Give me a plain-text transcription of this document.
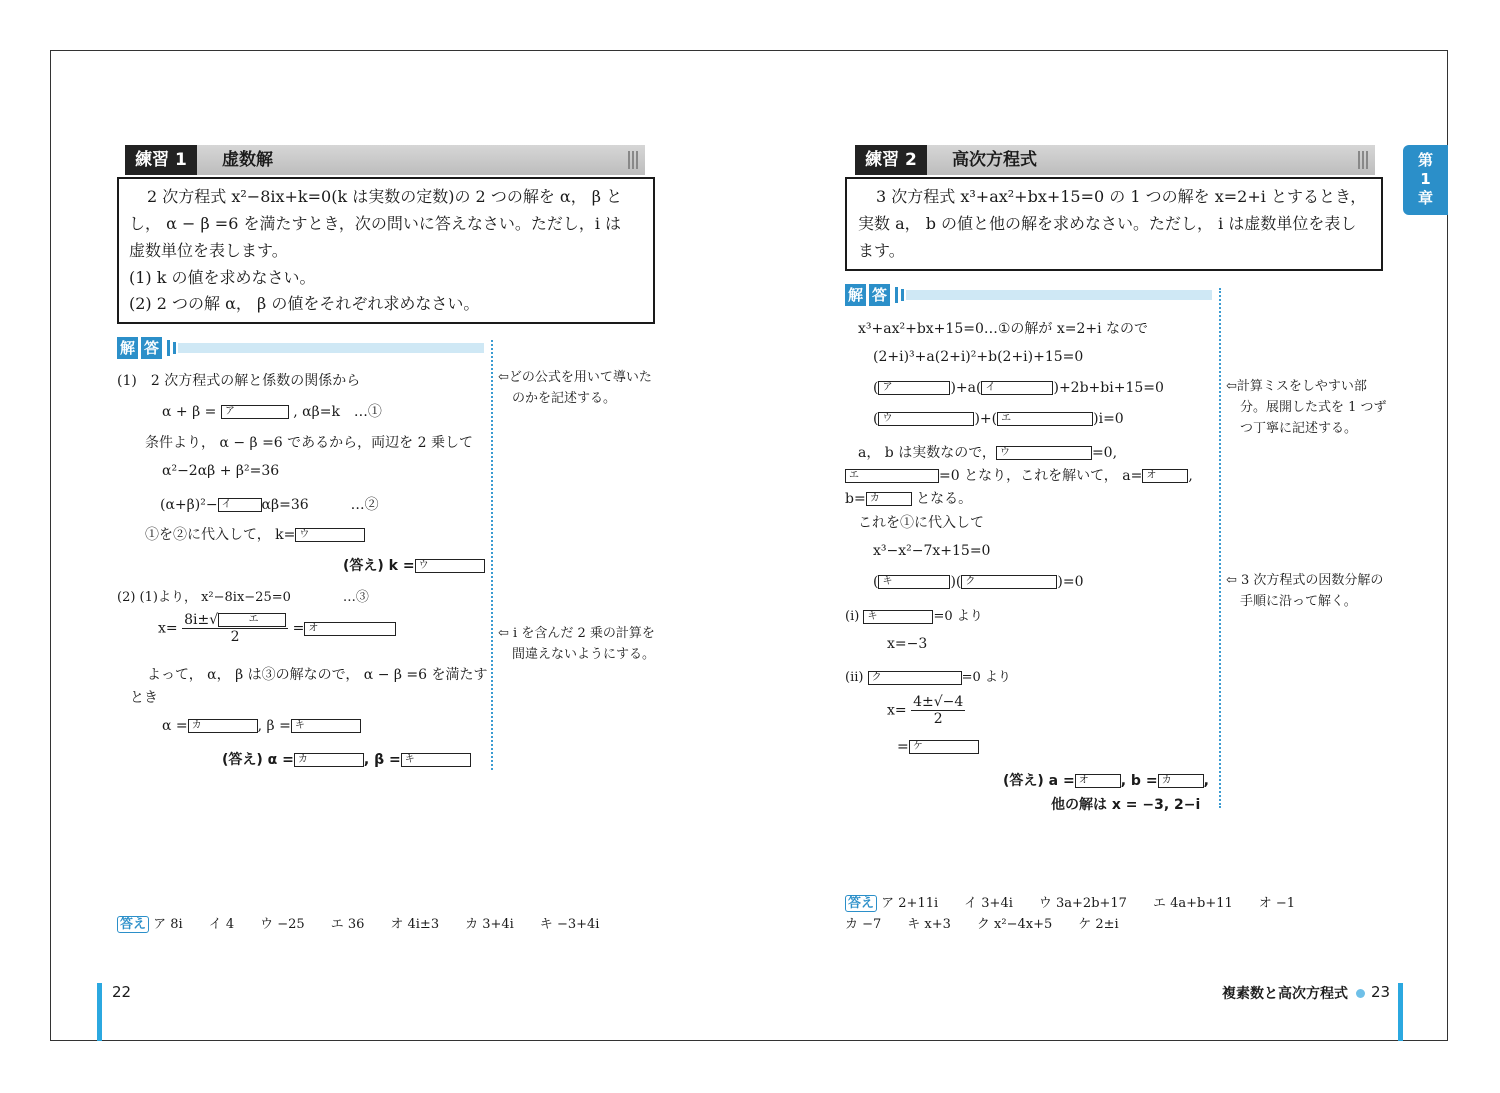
練習 1	虚数解
2 次方程式 x²−8ix+k=0(k は実数の定数)の 2 つの解を α， β と
し， α − β =6 を満たすとき，次の問いに答えなさい。ただし，i は
虚数単位を表します。
(1) k の値を求めなさい。
(2) 2 つの解 α， β の値をそれぞれ求めなさい。
解 答
(1)　2 次方程式の解と係数の関係から
α + β = ア	, αβ=k　…①
条件より， α − β =6 であるから，両辺を 2 乗して
α²−2αβ + β²=36
(α+β)²− イ αβ=36　　　…②
①を②に代入して， k= ウ
(答え) k = ウ
(2) (1)より， x²−8ix−25=0　　　　…③
x= 8i±√	エ
2 = オ
よって， α， β は③の解なので， α − β =6 を満たす
とき
α = カ	, β = キ
(答え) α = カ	, β = キ
⇦どの公式を用いて導いた
のかを記述する。
⇦ i を含んだ 2 乗の計算を
間違えないようにする。
答え ア 8i　　イ 4　　ウ −25　　エ 36　　オ 4i±3　　カ 3+4i　　キ −3+4i
22
練習 2	高次方程式
3 次方程式 x³+ax²+bx+15=0 の 1 つの解を x=2+i とするとき，
実数 a， b の値と他の解を求めなさい。ただし， i は虚数単位を表し
ます。
解 答
x³+ax²+bx+15=0…①の解が x=2+i なので
(2+i)³+a(2+i)²+b(2+i)+15=0
( ア	)+a( イ	)+2b+bi+15=0
( ウ	)+( エ	)i=0
a， b は実数なので， ウ	=0,
エ	=0 となり，これを解いて， a= オ ,
b= カ	となる。
これを①に代入して
x³−x²−7x+15=0
( キ	)( ク	)=0
(ⅰ) キ	=0 より
x=−3
(ⅱ) ク	=0 より
$x= \frac{4\pm√-4}{2}$
= ケ
(答え) a = オ , b = カ ,
他の解は x = −3, 2−i
⇦計算ミスをしやすい部
分。展開した式を 1 つず
つ丁寧に記述する。
⇦ 3 次方程式の因数分解の
手順に沿って解く。
答え ア 2+11i　　イ 3+4i　　ウ 3a+2b+17　　エ 4a+b+11　　オ −1
カ −7　　キ x+3　　ク x²−4x+5　　ケ 2±i
複素数と高次方程式	23
第
1
章
